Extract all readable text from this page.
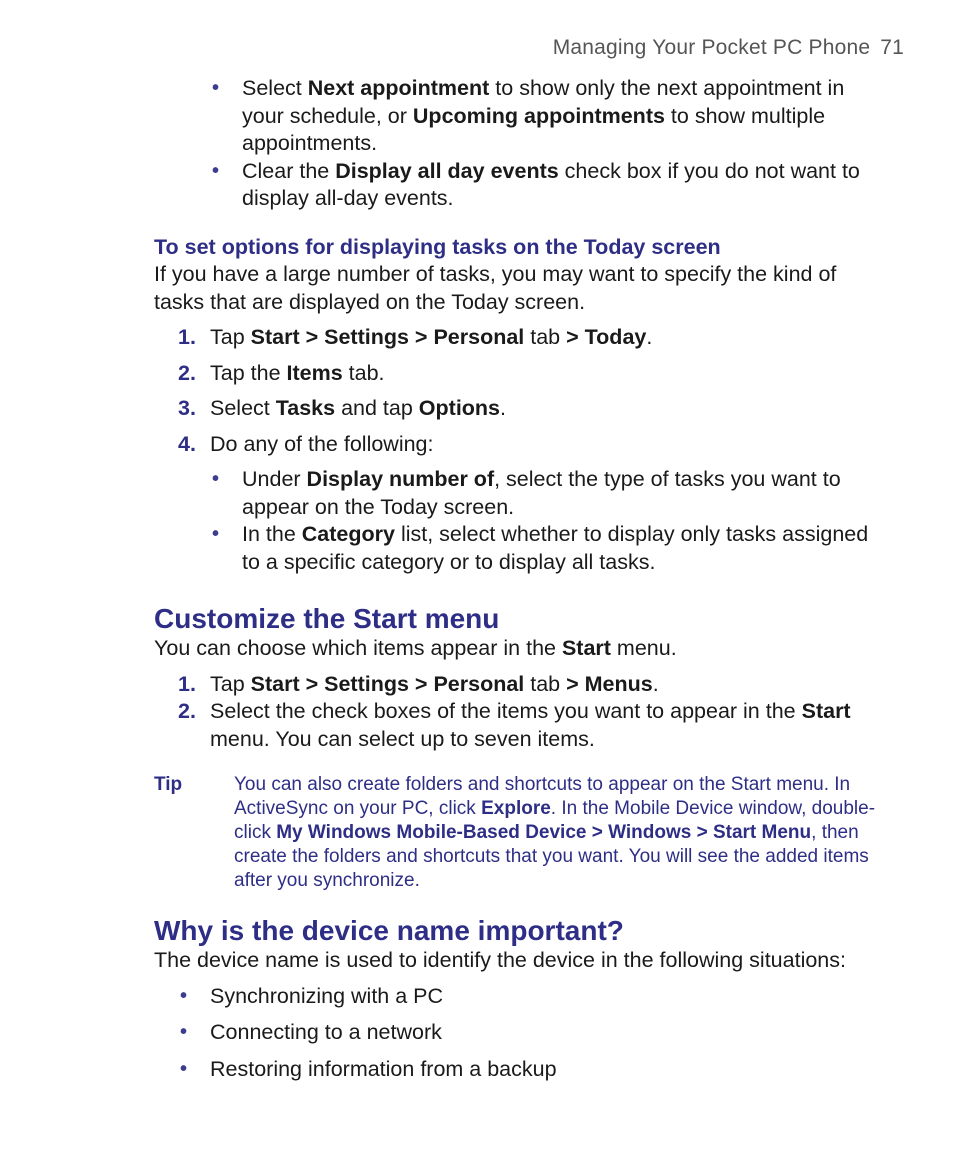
Managing Your Pocket PC Phone 71
• Select Next appointment to show only the next appointment in your schedule, or Upcoming appointments to show multiple appointments.
• Clear the Display all day events check box if you do not want to display all-day events.
To set options for displaying tasks on the Today screen

If you have a large number of tasks, you may want to specify the kind of tasks that are displayed on the Today screen.

1. Tap Start > Settings > Personal tab > Today.
2. Tap the Items tab.
3. Select Tasks and tap Options.
4. Do any of the following:
• Under Display number of, select the type of tasks you want to appear on the Today screen.
• In the Category list, select whether to display only tasks assigned to a specific category or to display all tasks.
Customize the Start menu

You can choose which items appear in the Start menu.

1. Tap Start > Settings > Personal tab > Menus.
2. Select the check boxes of the items you want to appear in the Start menu. You can select up to seven items.
Tip	You can also create folders and shortcuts to appear on the Start menu. In ActiveSync on your PC, click Explore. In the Mobile Device window, double-click My Windows Mobile-Based Device > Windows > Start Menu, then create the folders and shortcuts that you want. You will see the added items after you synchronize.
Why is the device name important?

The device name is used to identify the device in the following situations:

• Synchronizing with a PC
• Connecting to a network
• Restoring information from a backup
